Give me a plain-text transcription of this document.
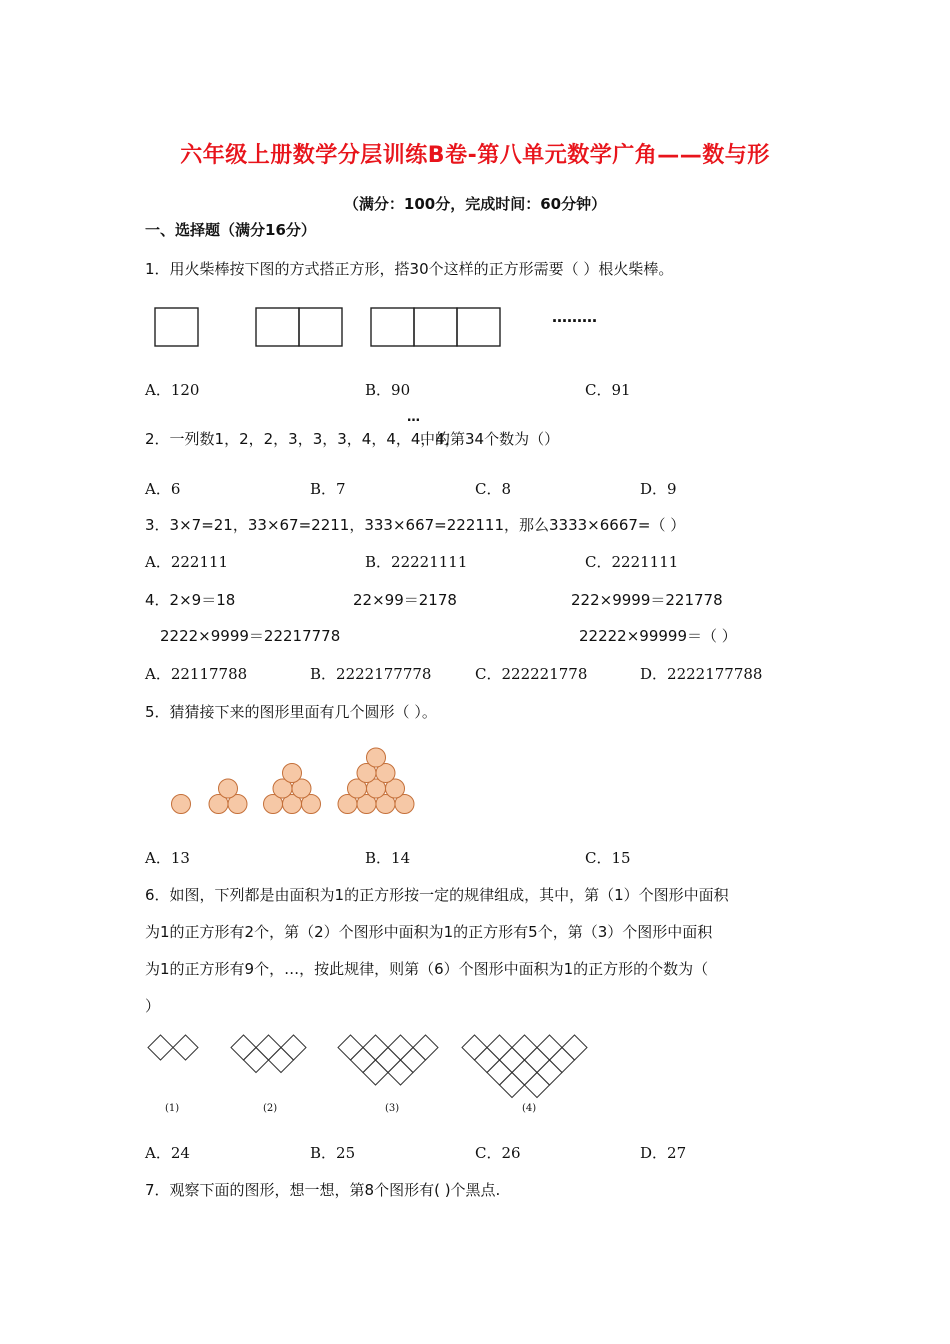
六年级上册数学分层训练B卷-第八单元数学广角——数与形
（满分：100分，完成时间：60分钟）
一、选择题（满分16分）
1．用火柴棒按下图的方式搭正方形，搭30个这样的正方形需要（ ）根火柴棒。
………
A．120	B．90	C．91
2．一列数1，2，2，3，3，3，4，4，4，4，
…
中的第34个数为（）
A．6	B．7	C．8	D．9
3．3×7=21，33×67=2211，333×667=222111，那么3333×6667=（ ）
A．222111	B．22221111	C．2221111
4．2×9＝18	22×99＝2178	222×9999＝221778
2222×9999＝22217778	22222×99999＝（ ）
A．22117788	B．2222177778	C．222221778	D．2222177788
5．猜猜接下来的图形里面有几个圆形（ ）。
A．13	B．14	C．15
6．如图，下列都是由面积为1的正方形按一定的规律组成，其中，第（1）个图形中面积
为1的正方形有2个，第（2）个图形中面积为1的正方形有5个，第（3）个图形中面积
为1的正方形有9个，…，按此规律，则第（6）个图形中面积为1的正方形的个数为（
）
(1)	(2)	(3)	(4)
A．24	B．25	C．26	D．27
7．观察下面的图形，想一想，第8个图形有( )个黑点.
